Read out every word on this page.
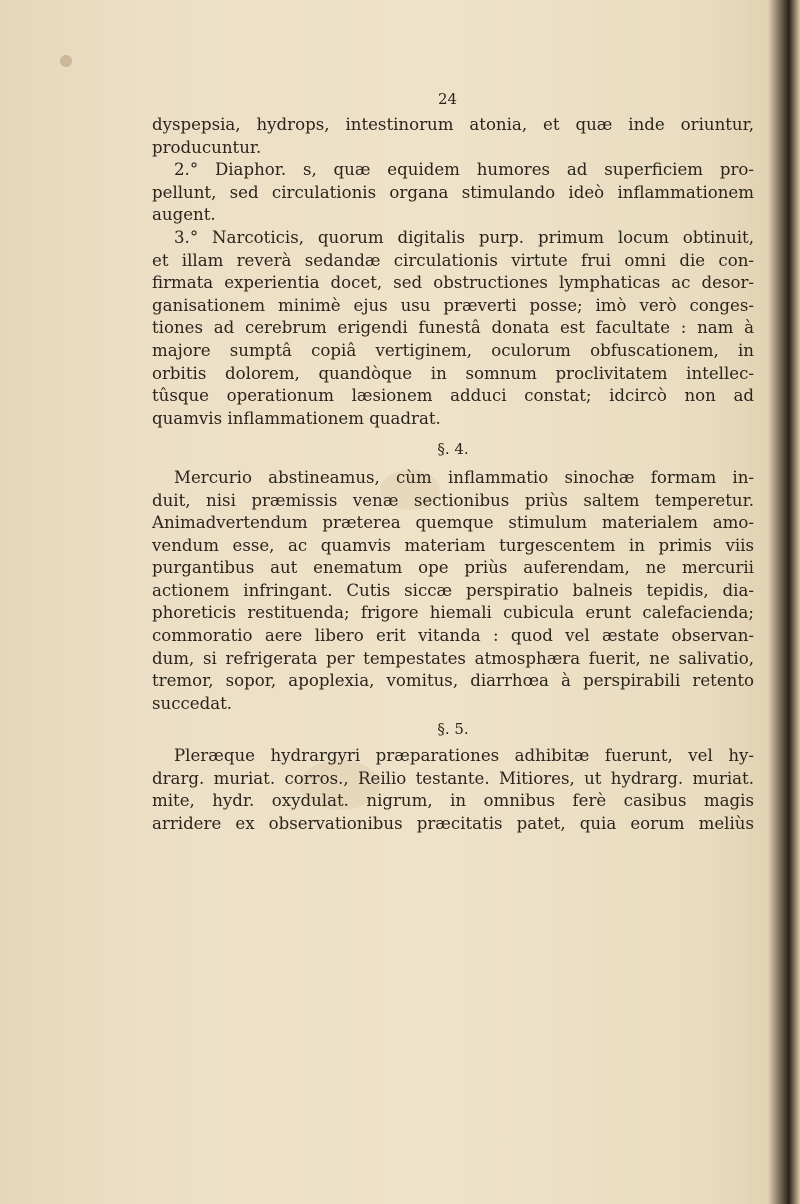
24
dyspepsia, hydrops, intestinorum atonia, et quæ inde oriuntur,
producuntur.
2.° Diaphor. s, quæ equidem humores ad superficiem pro-
pellunt, sed circulationis organa stimulando ideò inflammationem
augent.
3.° Narcoticis, quorum digitalis purp. primum locum obtinuit,
et illam reverà sedandæ circulationis virtute frui omni die con-
firmata experientia docet, sed obstructiones lymphaticas ac desor-
ganisationem minimè ejus usu præverti posse; imò verò conges-
tiones ad cerebrum erigendi funestâ donata est facultate : nam à
majore sumptâ copiâ vertiginem, oculorum obfuscationem, in
orbitis dolorem, quandòque in somnum proclivitatem intellec-
tûsque operationum læsionem adduci constat; idcircò non ad
quamvis inflammationem quadrat.
§. 4.
Mercurio abstineamus, cùm inflammatio sinochæ formam in-
duit, nisi præmissis venæ sectionibus priùs saltem temperetur.
Animadvertendum præterea quemque stimulum materialem amo-
vendum esse, ac quamvis materiam turgescentem in primis viis
purgantibus aut enematum ope priùs auferendam, ne mercurii
actionem infringant. Cutis siccæ perspiratio balneis tepidis, dia-
phoreticis restituenda; frigore hiemali cubicula erunt calefacienda;
commoratio aere libero erit vitanda : quod vel æstate observan-
dum, si refrigerata per tempestates atmosphæra fuerit, ne salivatio,
tremor, sopor, apoplexia, vomitus, diarrhœa à perspirabili retento
succedat.
§. 5.
Pleræque hydrargyri præparationes adhibitæ fuerunt, vel hy-
drarg. muriat. corros., Reilio testante. Mitiores, ut hydrarg. muriat.
mite, hydr. oxydulat. nigrum, in omnibus ferè casibus magis
arridere ex observationibus præcitatis patet, quia eorum meliùs
